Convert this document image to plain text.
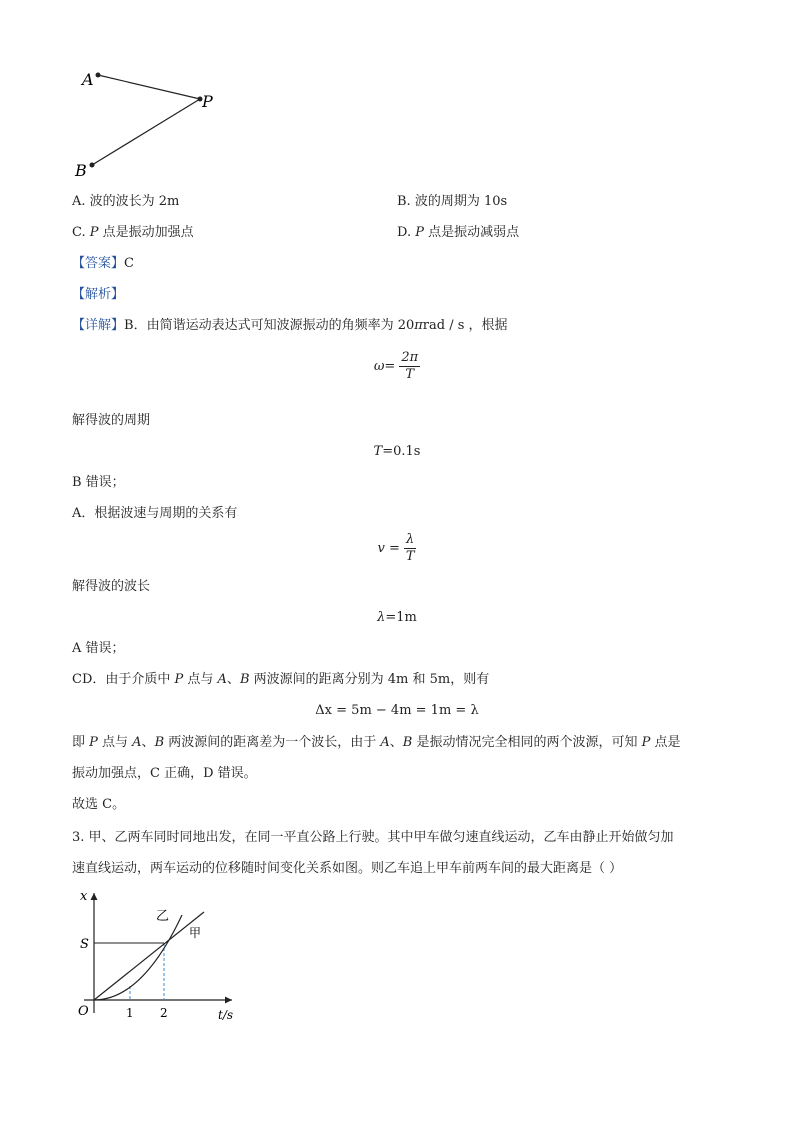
A
P
B
A. 波的波长为 2m	B. 波的周期为 10s
C. P 点是振动加强点	D. P 点是振动减弱点
【答案】C
【解析】
【详解】B．由简谐运动表达式可知波源振动的角频率为 20πrad / s ，根据
$\omega= \frac{2\pi}{T}$
解得波的周期
T=0.1s
B 错误；
A．根据波速与周期的关系有
$v = \frac{\lambda}{T}$
解得波的波长
λ=1m
A 错误；
CD．由于介质中 P 点与 A、B 两波源间的距离分别为 4m 和 5m，则有
Δx = 5m − 4m = 1m = λ
即 P 点与 A、B 两波源间的距离差为一个波长，由于 A、B 是振动情况完全相同的两个波源，可知 P 点是
振动加强点，C 正确，D 错误。
故选 C。
3. 甲、乙两车同时同地出发，在同一平直公路上行驶。其中甲车做匀速直线运动，乙车由静止开始做匀加
速直线运动，两车运动的位移随时间变化关系如图。则乙车追上甲车前两车间的最大距离是（ ）
x
t/s
O
S
1 2
乙
甲
